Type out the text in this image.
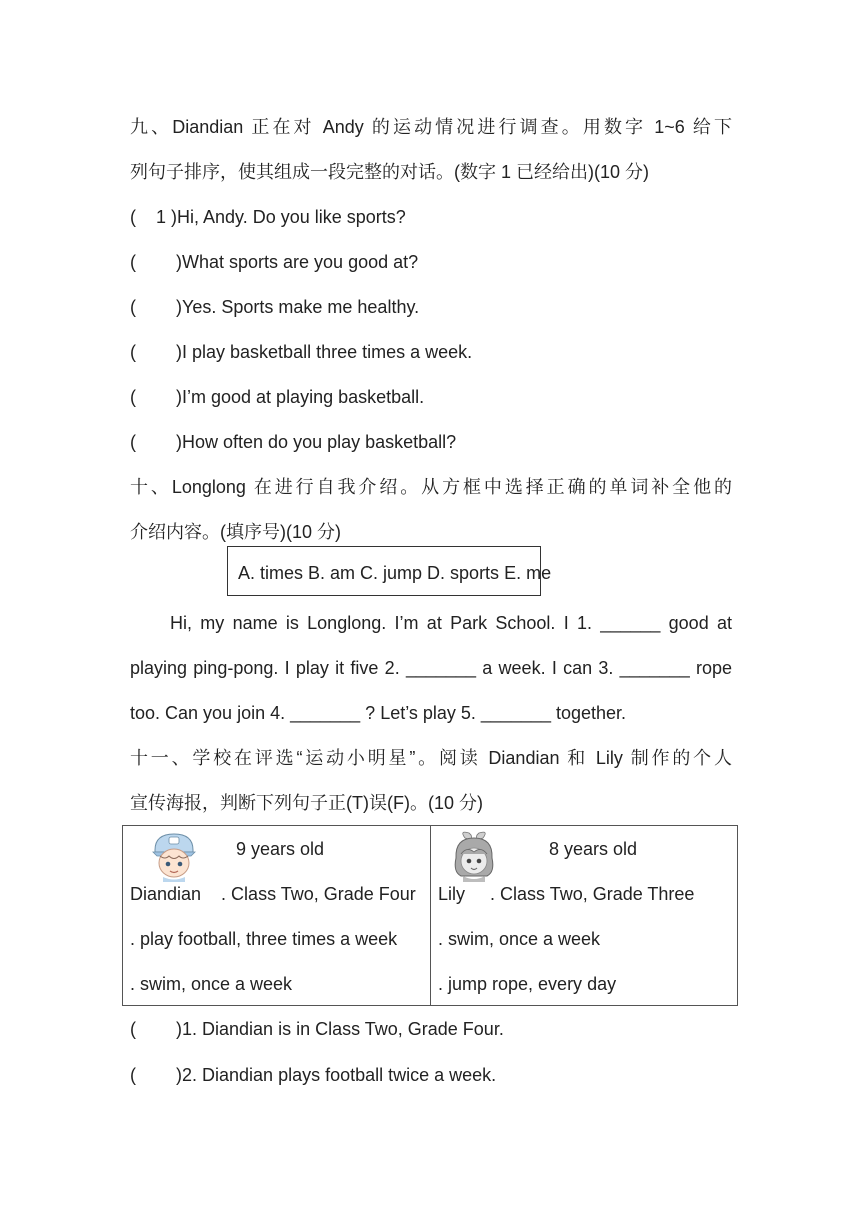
九、Diandian 正在对 Andy 的运动情况进行调查。用数字 1~6 给下
列句子排序，使其组成一段完整的对话。(数字 1 已经给出)(10 分)
(    1 )Hi, Andy. Do you like sports?
(        )What sports are you good at?
(        )Yes. Sports make me healthy.
(        )I play basketball three times a week.
(        )I’m good at playing basketball.
(        )How often do you play basketball?
十、Longlong 在进行自我介绍。从方框中选择正确的单词补全他的
介绍内容。(填序号)(10 分)
A. times B. am C. jump D. sports E. me
Hi, my name is Longlong. I’m at Park School. I 1. ______ good at
playing ping-pong. I play it five 2. _______ a week. I can 3. _______ rope
too. Can you join 4. _______ ? Let’s play 5. _______ together.
十一、学校在评选“运动小明星”。阅读 Diandian 和 Lily 制作的个人
宣传海报，判断下列句子正(T)误(F)。(10 分)
9 years old
Diandian    . Class Two, Grade Four
. play football, three times a week
. swim, once a week
8 years old
Lily     . Class Two, Grade Three
. swim, once a week
. jump rope, every day
(        )1. Diandian is in Class Two, Grade Four.
(        )2. Diandian plays football twice a week.
